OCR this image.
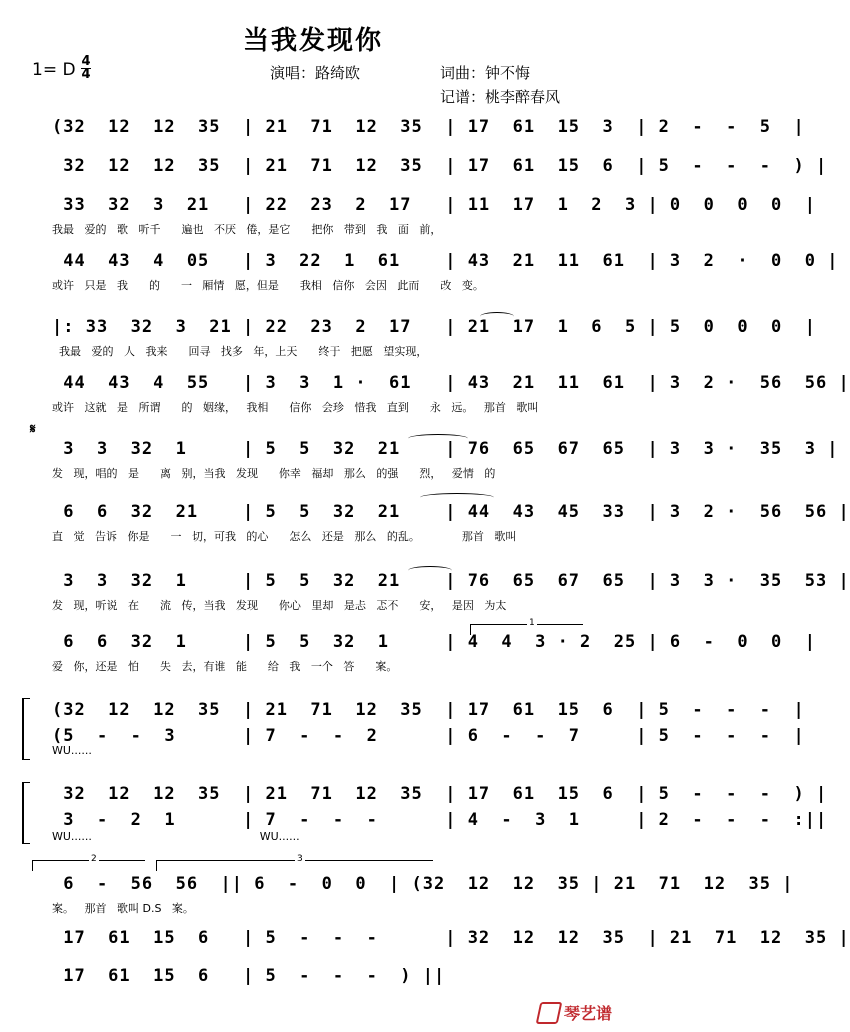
当我发现你
1= D 4
4	演唱：路绮欧	词曲：钟不悔
记谱：桃李醉春风
(32  12  12  35  | 21  71  12  35  | 17  61  15  3  | 2  -  -  5  |
32  12  12  35  | 21  71  12  35  | 17  61  15  6  | 5  -  -  -  ) |
33  32  3  21   | 22  23  2  17   | 11  17  1  2  3 | 0  0  0  0  |
我最   爱的   歌   听千      遍也   不厌   倦，是它      把你   带到   我   面   前，
44  43  4  05   | 3  22  1  61    | 43  21  11  61  | 3  2  ·  0  0 |
或许   只是   我      的      一   厢情   愿，但是      我相   信你   会因   此而      改   变。
|: 33  32  3  21 | 22  23  2  17   | 21  17  1  6  5 | 5  0  0  0  |
我最   爱的   人   我来      回寻   找多   年，上天      终于   把愿   望实现，
44  43  4  55   | 3  3  1 ·  61   | 43  21  11  61  | 3  2 ·  56  56 |
或许   这就   是   所谓      的   姻缘，   我相      信你   会珍   惜我   直到      永   远。   那首   歌叫
𝄋
3  3  32  1     | 5  5  32  21    | 76  65  67  65  | 3  3 ·  35  3 |
发   现，唱的   是      离   别，当我   发现      你幸   福却   那么   的强      烈，   爱情   的
6  6  32  21    | 5  5  32  21    | 44  43  45  33  | 3  2 ·  56  56 |
直   觉   告诉   你是      一   切，可我   的心      怎么   还是   那么   的乱。            那首   歌叫
3  3  32  1     | 5  5  32  21    | 76  65  67  65  | 3  3 ·  35  53 |
发   现，听说   在      流   传，当我   发现      你心   里却   是忐   忑不      安，   是因   为太
1
6  6  32  1     | 5  5  32  1     | 4  4  3 · 2  25 | 6  -  0  0  |
爱   你，还是   怕      失   去，有谁   能      给   我   一个   答      案。
(32  12  12  35  | 21  71  12  35  | 17  61  15  6  | 5  -  -  -  |
(5  -  -  3      | 7  -  -  2      | 6  -  -  7     | 5  -  -  -  |
WU......
32  12  12  35  | 21  71  12  35  | 17  61  15  6  | 5  -  -  -  ) |
3  -  2  1      | 7  -  -  -      | 4  -  3  1     | 2  -  -  -  :||
WU......                                                WU......
2	3
6  -  56  56  || 6  -  0  0  | (32  12  12  35 | 21  71  12  35 |
案。   那首   歌叫 D.S   案。
17  61  15  6   | 5  -  -  -      | 32  12  12  35  | 21  71  12  35 |
17  61  15  6   | 5  -  -  -  ) ||
琴艺谱
